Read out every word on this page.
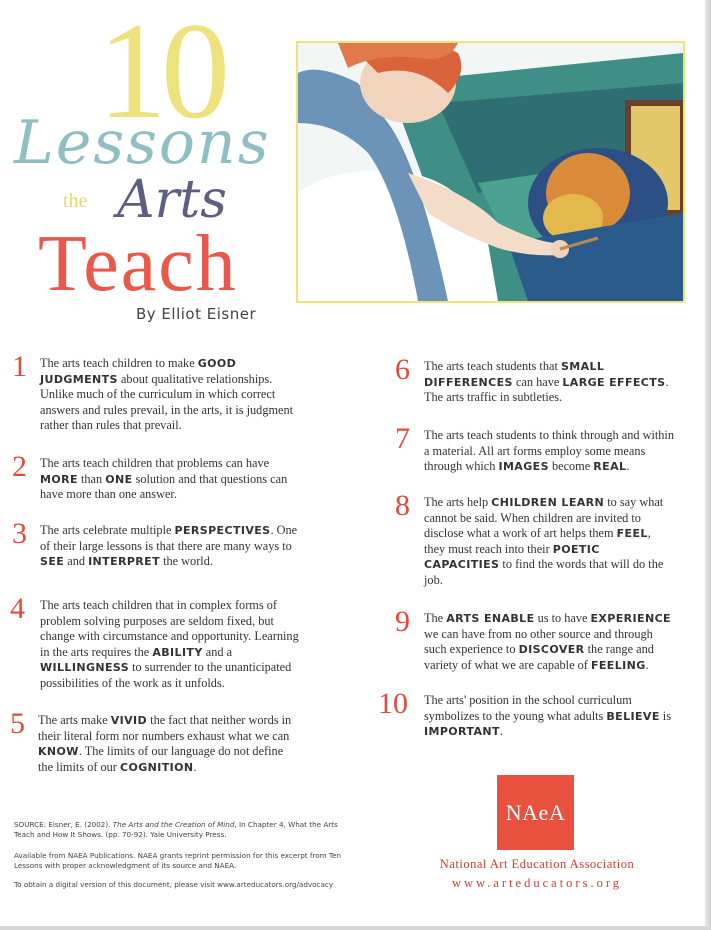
10
Lessons
the Arts
Teach
By Elliot Eisner
1 The arts teach children to make GOOD JUDGMENTS about qualitative relationships. Unlike much of the curriculum in which correct answers and rules prevail, in the arts, it is judgment rather than rules that prevail.
2 The arts teach children that problems can have MORE than ONE solution and that questions can have more than one answer.
3 The arts celebrate multiple PERSPECTIVES. One of their large lessons is that there are many ways to SEE and INTERPRET the world.
4 The arts teach children that in complex forms of problem solving purposes are seldom fixed, but change with circumstance and opportunity. Learning in the arts requires the ABILITY and a WILLINGNESS to surrender to the unanticipated possibilities of the work as it unfolds.
5 The arts make VIVID the fact that neither words in their literal form nor numbers exhaust what we can KNOW. The limits of our language do not define the limits of our COGNITION.
6 The arts teach students that SMALL DIFFERENCES can have LARGE EFFECTS. The arts traffic in subtleties.
7 The arts teach students to think through and within a material. All art forms employ some means through which IMAGES become REAL.
8 The arts help CHILDREN LEARN to say what cannot be said. When children are invited to disclose what a work of art helps them FEEL, they must reach into their POETIC CAPACITIES to find the words that will do the job.
9 The ARTS ENABLE us to have EXPERIENCE we can have from no other source and through such experience to DISCOVER the range and variety of what we are capable of FEELING.
10 The arts' position in the school curriculum symbolizes to the young what adults BELIEVE is IMPORTANT.
SOURCE: Eisner, E. (2002). The Arts and the Creation of Mind, In Chapter 4, What the Arts Teach and How It Shows. (pp. 70-92). Yale University Press.
Available from NAEA Publications. NAEA grants reprint permission for this excerpt from Ten Lessons with proper acknowledgment of its source and NAEA.
To obtain a digital version of this document, please visit www.arteducators.org/advocacy
NAeA
National Art Education Association
www.arteducators.org
